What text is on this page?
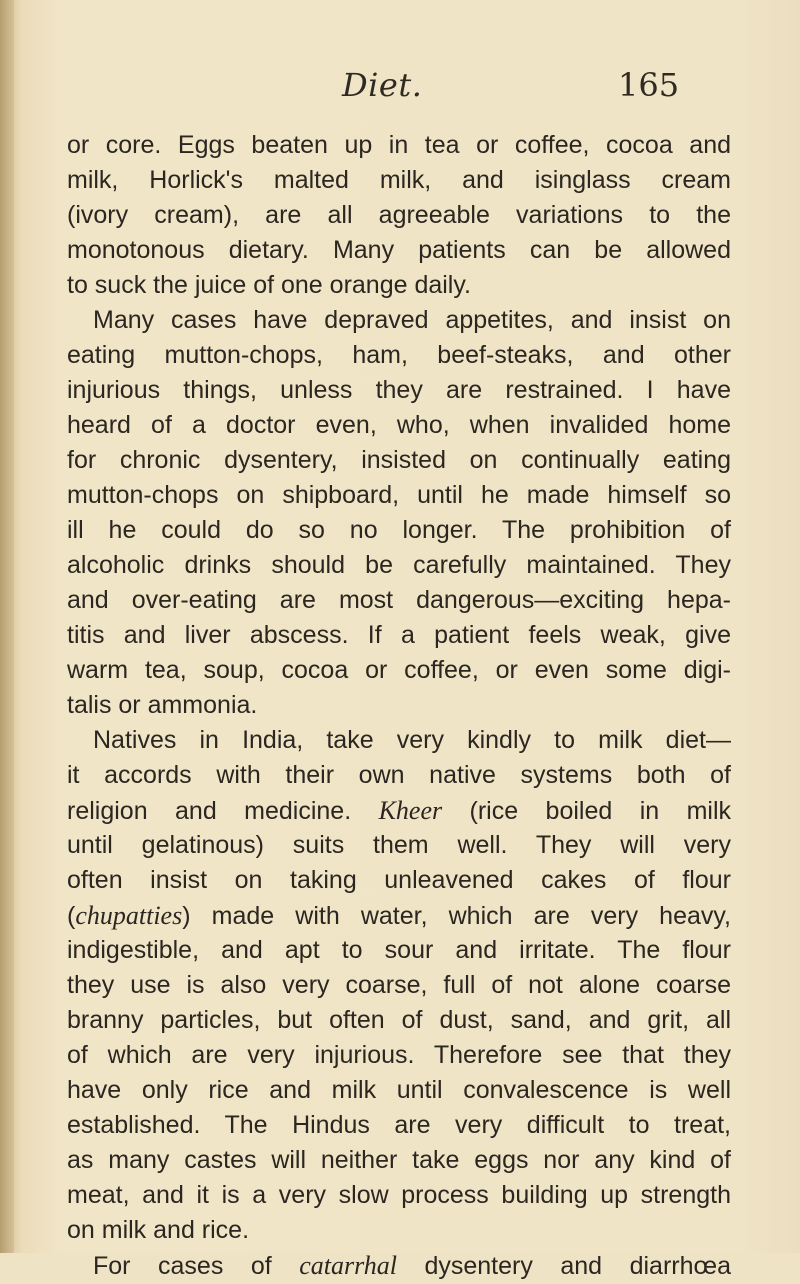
Diet.	165
or core. Eggs beaten up in tea or coffee, cocoa and
milk, Horlick's malted milk, and isinglass cream
(ivory cream), are all agreeable variations to the
monotonous dietary. Many patients can be allowed
to suck the juice of one orange daily.
Many cases have depraved appetites, and insist on
eating mutton-chops, ham, beef-steaks, and other
injurious things, unless they are restrained. I have
heard of a doctor even, who, when invalided home
for chronic dysentery, insisted on continually eating
mutton-chops on shipboard, until he made himself so
ill he could do so no longer. The prohibition of
alcoholic drinks should be carefully maintained. They
and over-eating are most dangerous—exciting hepa-
titis and liver abscess. If a patient feels weak, give
warm tea, soup, cocoa or coffee, or even some digi-
talis or ammonia.
Natives in India, take very kindly to milk diet—
it accords with their own native systems both of
religion and medicine. Kheer (rice boiled in milk
until gelatinous) suits them well. They will very
often insist on taking unleavened cakes of flour
(chupatties) made with water, which are very heavy,
indigestible, and apt to sour and irritate. The flour
they use is also very coarse, full of not alone coarse
branny particles, but often of dust, sand, and grit, all
of which are very injurious. Therefore see that they
have only rice and milk until convalescence is well
established. The Hindus are very difficult to treat,
as many castes will neither take eggs nor any kind of
meat, and it is a very slow process building up strength
on milk and rice.
For cases of catarrhal dysentery and diarrhœa
